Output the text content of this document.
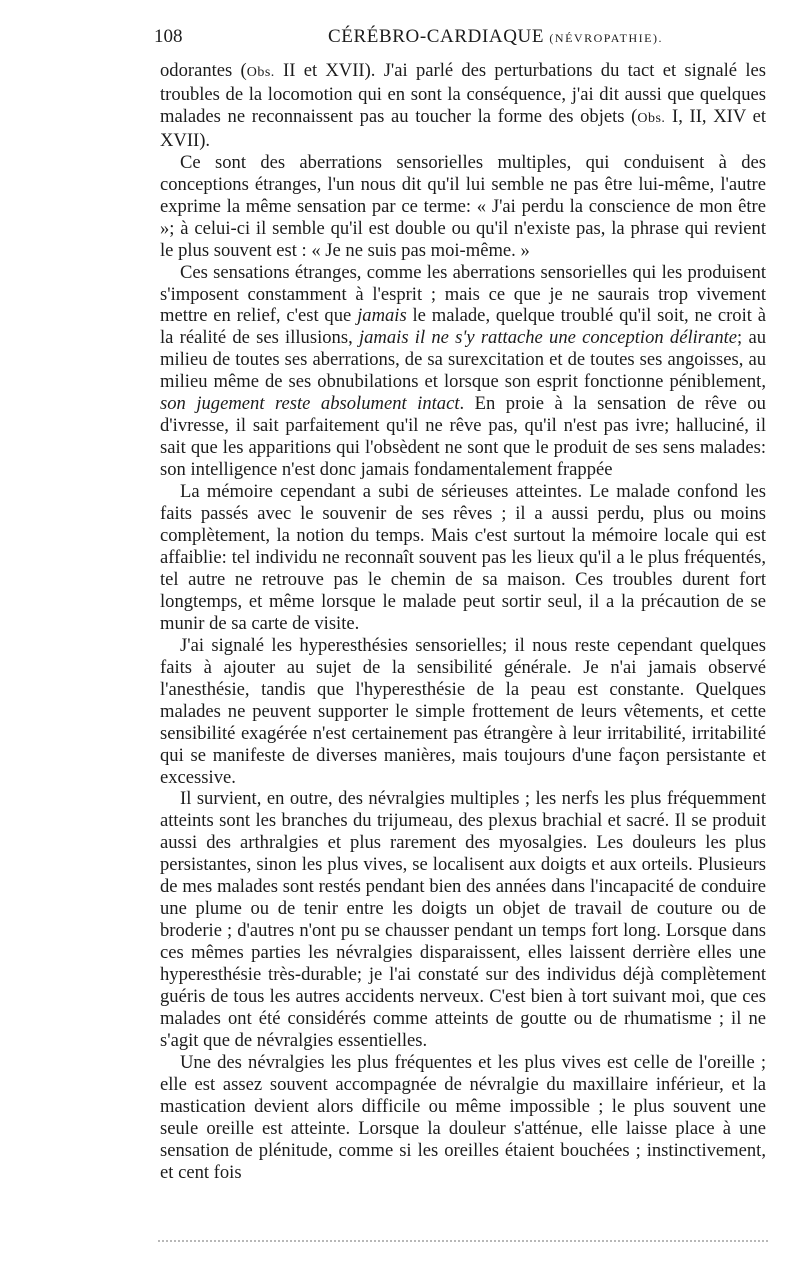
108	CÉRÉBRO-CARDIAQUE (NÉVROPATHIE).

odorantes (Obs. II et XVII). J'ai parlé des perturbations du tact et signalé les troubles de la locomotion qui en sont la conséquence, j'ai dit aussi que quelques malades ne reconnaissent pas au toucher la forme des objets (Obs. I, II, XIV et XVII).

Ce sont des aberrations sensorielles multiples, qui conduisent à des conceptions étranges, l'un nous dit qu'il lui semble ne pas être lui-même, l'autre exprime la même sensation par ce terme: « J'ai perdu la conscience de mon être »; à celui-ci il semble qu'il est double ou qu'il n'existe pas, la phrase qui revient le plus souvent est : « Je ne suis pas moi-même. »

Ces sensations étranges, comme les aberrations sensorielles qui les produisent s'imposent constamment à l'esprit ; mais ce que je ne saurais trop vivement mettre en relief, c'est que jamais le malade, quelque troublé qu'il soit, ne croit à la réalité de ses illusions, jamais il ne s'y rattache une conception délirante; au milieu de toutes ses aberrations, de sa surexcitation et de toutes ses angoisses, au milieu même de ses obnubilations et lorsque son esprit fonctionne péniblement, son jugement reste absolument intact. En proie à la sensation de rêve ou d'ivresse, il sait parfaitement qu'il ne rêve pas, qu'il n'est pas ivre; halluciné, il sait que les apparitions qui l'obsèdent ne sont que le produit de ses sens malades: son intelligence n'est donc jamais fondamentalement frappée

La mémoire cependant a subi de sérieuses atteintes. Le malade confond les faits passés avec le souvenir de ses rêves ; il a aussi perdu, plus ou moins complètement, la notion du temps. Mais c'est surtout la mémoire locale qui est affaiblie: tel individu ne reconnaît souvent pas les lieux qu'il a le plus fréquentés, tel autre ne retrouve pas le chemin de sa maison. Ces troubles durent fort longtemps, et même lorsque le malade peut sortir seul, il a la précaution de se munir de sa carte de visite.

J'ai signalé les hyperesthésies sensorielles; il nous reste cependant quelques faits à ajouter au sujet de la sensibilité générale. Je n'ai jamais observé l'anesthésie, tandis que l'hyperesthésie de la peau est constante. Quelques malades ne peuvent supporter le simple frottement de leurs vêtements, et cette sensibilité exagérée n'est certainement pas étrangère à leur irritabilité, irritabilité qui se manifeste de diverses manières, mais toujours d'une façon persistante et excessive.

Il survient, en outre, des névralgies multiples ; les nerfs les plus fréquemment atteints sont les branches du trijumeau, des plexus brachial et sacré. Il se produit aussi des arthralgies et plus rarement des myosalgies. Les douleurs les plus persistantes, sinon les plus vives, se localisent aux doigts et aux orteils. Plusieurs de mes malades sont restés pendant bien des années dans l'incapacité de conduire une plume ou de tenir entre les doigts un objet de travail de couture ou de broderie ; d'autres n'ont pu se chausser pendant un temps fort long. Lorsque dans ces mêmes parties les névralgies disparaissent, elles laissent derrière elles une hyperesthésie très-durable; je l'ai constaté sur des individus déjà complètement guéris de tous les autres accidents nerveux. C'est bien à tort suivant moi, que ces malades ont été considérés comme atteints de goutte ou de rhumatisme ; il ne s'agit que de névralgies essentielles.

Une des névralgies les plus fréquentes et les plus vives est celle de l'oreille ; elle est assez souvent accompagnée de névralgie du maxillaire inférieur, et la mastication devient alors difficile ou même impossible ; le plus souvent une seule oreille est atteinte. Lorsque la douleur s'atténue, elle laisse place à une sensation de plénitude, comme si les oreilles étaient bouchées ; instinctivement, et cent fois
